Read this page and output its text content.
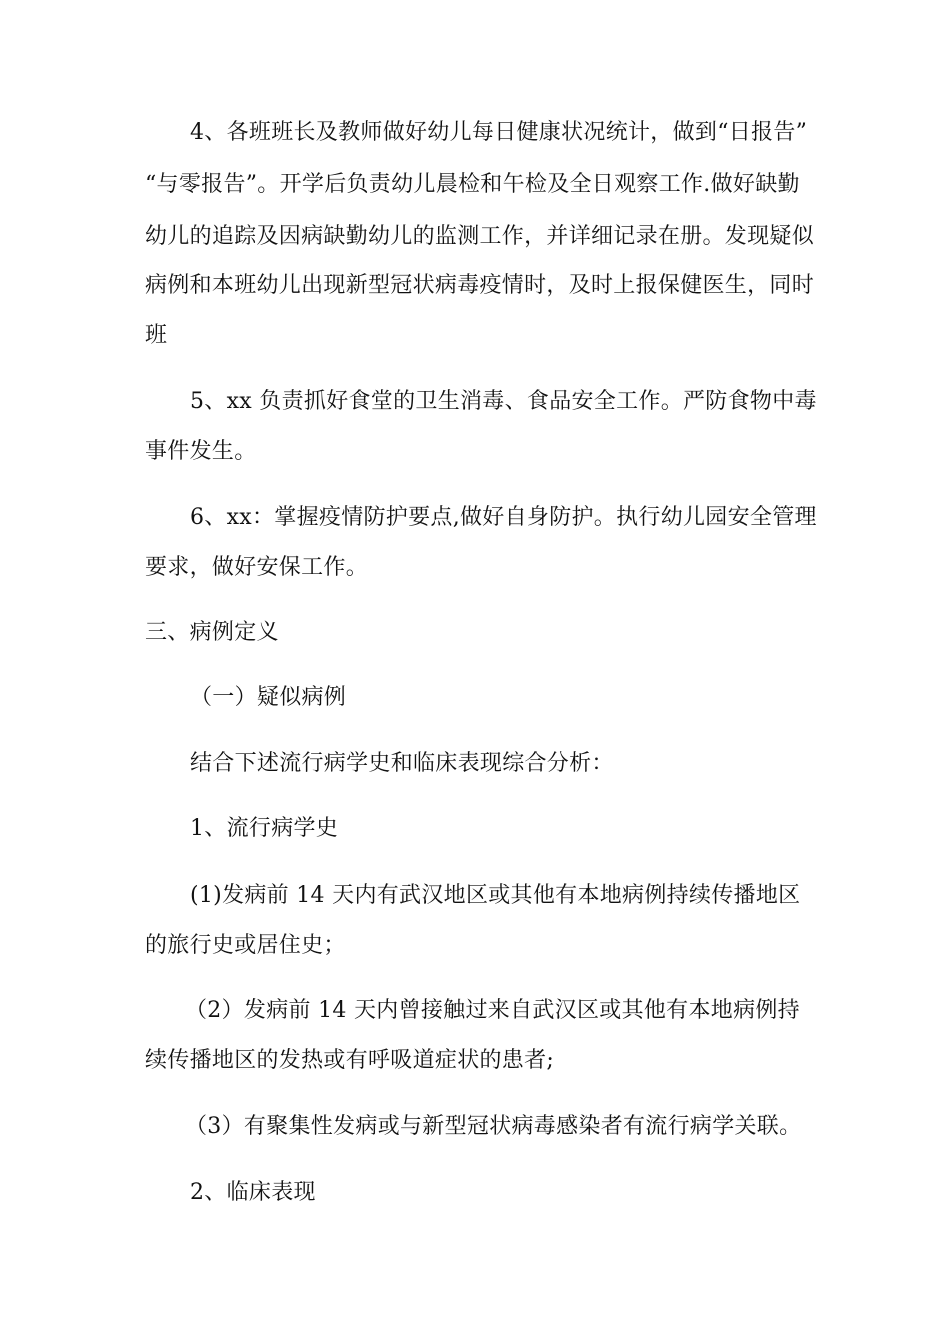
4、各班班长及教师做好幼儿每日健康状况统计，做到“日报告”
“与零报告”。开学后负责幼儿晨检和午检及全日观察工作.做好缺勤
幼儿的追踪及因病缺勤幼儿的监测工作，并详细记录在册。发现疑似
病例和本班幼儿出现新型冠状病毒疫情时，及时上报保健医生，同时
班
5、xx 负责抓好食堂的卫生消毒、食品安全工作。严防食物中毒
事件发生。
6、xx：掌握疫情防护要点,做好自身防护。执行幼儿园安全管理
要求，做好安保工作。
三、病例定义
（一）疑似病例
结合下述流行病学史和临床表现综合分析：
1、流行病学史
(1)发病前 14 天内有武汉地区或其他有本地病例持续传播地区
的旅行史或居住史；
（2）发病前 14 天内曾接触过来自武汉区或其他有本地病例持
续传播地区的发热或有呼吸道症状的患者;
（3）有聚集性发病或与新型冠状病毒感染者有流行病学关联。
2、临床表现
